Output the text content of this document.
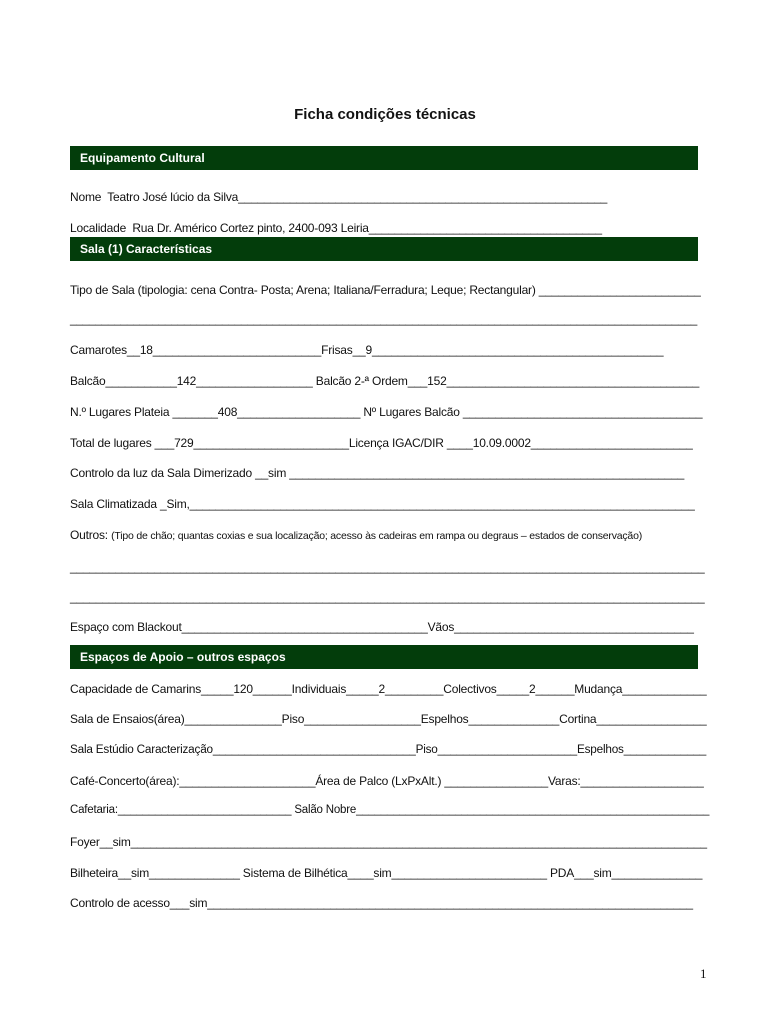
Ficha condições técnicas
Equipamento Cultural
Nome  Teatro José lúcio da Silva_________________________________________________________
Localidade  Rua Dr. Américo Cortez pinto, 2400-093 Leiria____________________________________
Sala (1) Características
Tipo de Sala (tipologia: cena Contra- Posta; Arena; Italiana/Ferradura; Leque; Rectangular) _________________________
___________________________________________________________________________________________________
Camarotes__18__________________________Frisas__9_____________________________________________
Balcão___________142__________________ Balcão 2-ª Ordem___152_______________________________________
N.º Lugares Plateia _______408___________________ Nº Lugares Balcão _____________________________________
Total de lugares ___729________________________Licença IGAC/DIR ____10.09.0002_________________________
Controlo da luz da Sala Dimerizado __sim _____________________________________________________________
Sala Climatizada _Sim,______________________________________________________________________________
Outros: (Tipo de chão; quantas coxias e sua localização; acesso às cadeiras em rampa ou degraus – estados de conservação)
__________________________________________________________________________________________________
__________________________________________________________________________________________________
Espaço com Blackout______________________________________Vãos_____________________________________
Espaços de Apoio – outros espaços
Capacidade de Camarins_____120______Individuais_____2_________Colectivos_____2______Mudança_____________
Sala de Ensaios(área)_______________Piso__________________Espelhos______________Cortina_________________
Sala Estúdio Caracterização________________________________Piso______________________Espelhos_____________
Café-Concerto(área):_____________________Área de Palco (LxPxAlt.) ________________Varas:___________________
Cafetaria:____________________________ Salão Nobre_________________________________________________________
Foyer__sim_________________________________________________________________________________________
Bilheteira__sim______________ Sistema de Bilhética____sim________________________ PDA___sim______________
Controlo de acesso___sim___________________________________________________________________________
1
